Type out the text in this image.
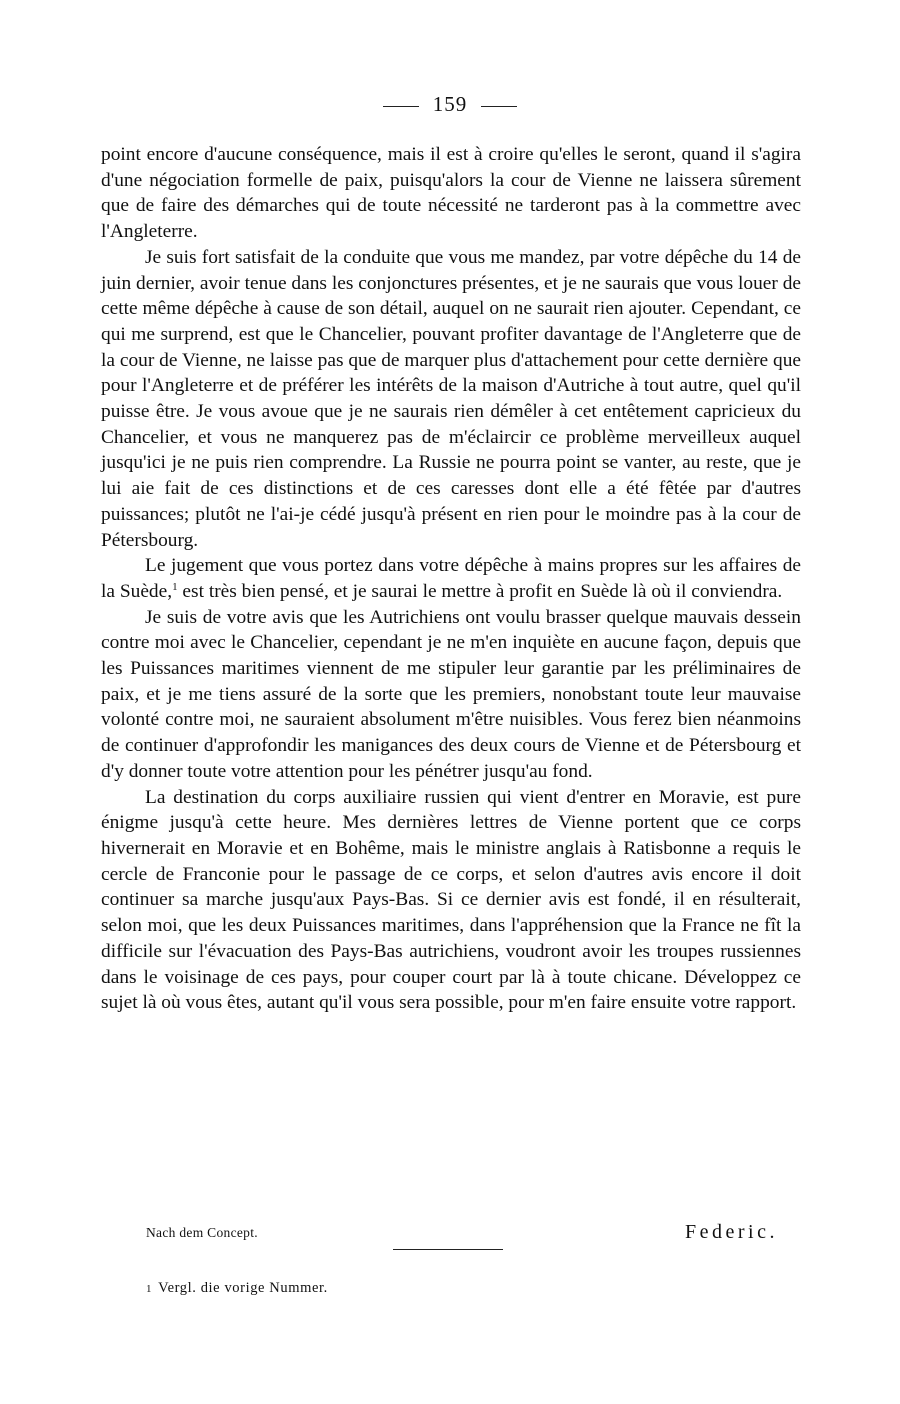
159

point encore d'aucune conséquence, mais il est à croire qu'elles le seront, quand il s'agira d'une négociation formelle de paix, puisqu'alors la cour de Vienne ne laissera sûrement que de faire des démarches qui de toute nécessité ne tarderont pas à la commettre avec l'Angleterre.

Je suis fort satisfait de la conduite que vous me mandez, par votre dépêche du 14 de juin dernier, avoir tenue dans les conjonctures présentes, et je ne saurais que vous louer de cette même dépêche à cause de son détail, auquel on ne saurait rien ajouter. Cependant, ce qui me surprend, est que le Chancelier, pouvant profiter davantage de l'Angleterre que de la cour de Vienne, ne laisse pas que de marquer plus d'attachement pour cette dernière que pour l'Angleterre et de préférer les intérêts de la maison d'Autriche à tout autre, quel qu'il puisse être. Je vous avoue que je ne saurais rien démêler à cet entêtement capricieux du Chancelier, et vous ne manquerez pas de m'éclaircir ce problème merveilleux auquel jusqu'ici je ne puis rien comprendre. La Russie ne pourra point se vanter, au reste, que je lui aie fait de ces distinctions et de ces caresses dont elle a été fêtée par d'autres puissances; plutôt ne l'ai-je cédé jusqu'à présent en rien pour le moindre pas à la cour de Pétersbourg.

Le jugement que vous portez dans votre dépêche à mains propres sur les affaires de la Suède,$^1$ est très bien pensé, et je saurai le mettre à profit en Suède là où il conviendra.

Je suis de votre avis que les Autrichiens ont voulu brasser quelque mauvais dessein contre moi avec le Chancelier, cependant je ne m'en inquiète en aucune façon, depuis que les Puissances maritimes viennent de me stipuler leur garantie par les préliminaires de paix, et je me tiens assuré de la sorte que les premiers, nonobstant toute leur mauvaise volonté contre moi, ne sauraient absolument m'être nuisibles. Vous ferez bien néanmoins de continuer d'approfondir les manigances des deux cours de Vienne et de Pétersbourg et d'y donner toute votre attention pour les pénétrer jusqu'au fond.

La destination du corps auxiliaire russien qui vient d'entrer en Moravie, est pure énigme jusqu'à cette heure. Mes dernières lettres de Vienne portent que ce corps hivernerait en Moravie et en Bohême, mais le ministre anglais à Ratisbonne a requis le cercle de Franconie pour le passage de ce corps, et selon d'autres avis encore il doit continuer sa marche jusqu'aux Pays-Bas. Si ce dernier avis est fondé, il en résulterait, selon moi, que les deux Puissances maritimes, dans l'appréhension que la France ne fît la difficile sur l'évacuation des Pays-Bas autrichiens, voudront avoir les troupes russiennes dans le voisinage de ces pays, pour couper court par là à toute chicane. Développez ce sujet là où vous êtes, autant qu'il vous sera possible, pour m'en faire ensuite votre rapport.

Nach dem Concept.	Federic.
1 Vergl. die vorige Nummer.
